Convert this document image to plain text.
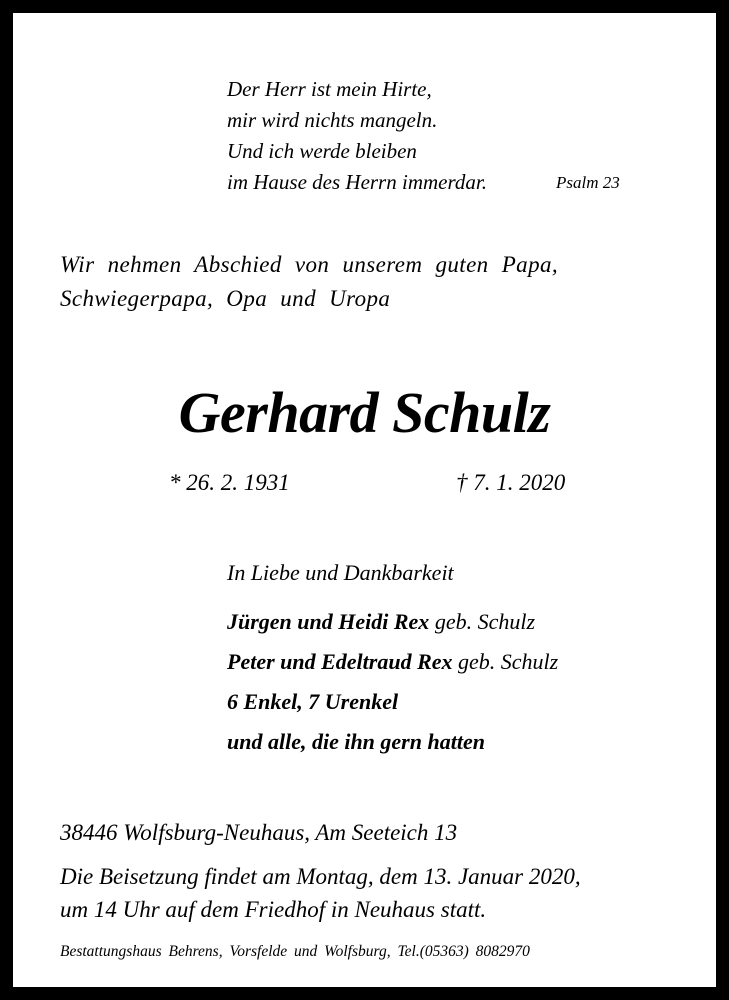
Der Herr ist mein Hirte,
mir wird nichts mangeln.
Und ich werde bleiben
im Hause des Herrn immerdar.	Psalm 23
Wir nehmen Abschied von unserem guten Papa,
Schwiegerpapa, Opa und Uropa
Gerhard Schulz
* 26. 2. 1931	† 7. 1. 2020
In Liebe und Dankbarkeit
Jürgen und Heidi Rex geb. Schulz
Peter und Edeltraud Rex geb. Schulz
6 Enkel, 7 Urenkel
und alle, die ihn gern hatten
38446 Wolfsburg-Neuhaus, Am Seeteich 13
Die Beisetzung findet am Montag, dem 13. Januar 2020,
um 14 Uhr auf dem Friedhof in Neuhaus statt.
Bestattungshaus Behrens, Vorsfelde und Wolfsburg, Tel.(05363) 8082970
